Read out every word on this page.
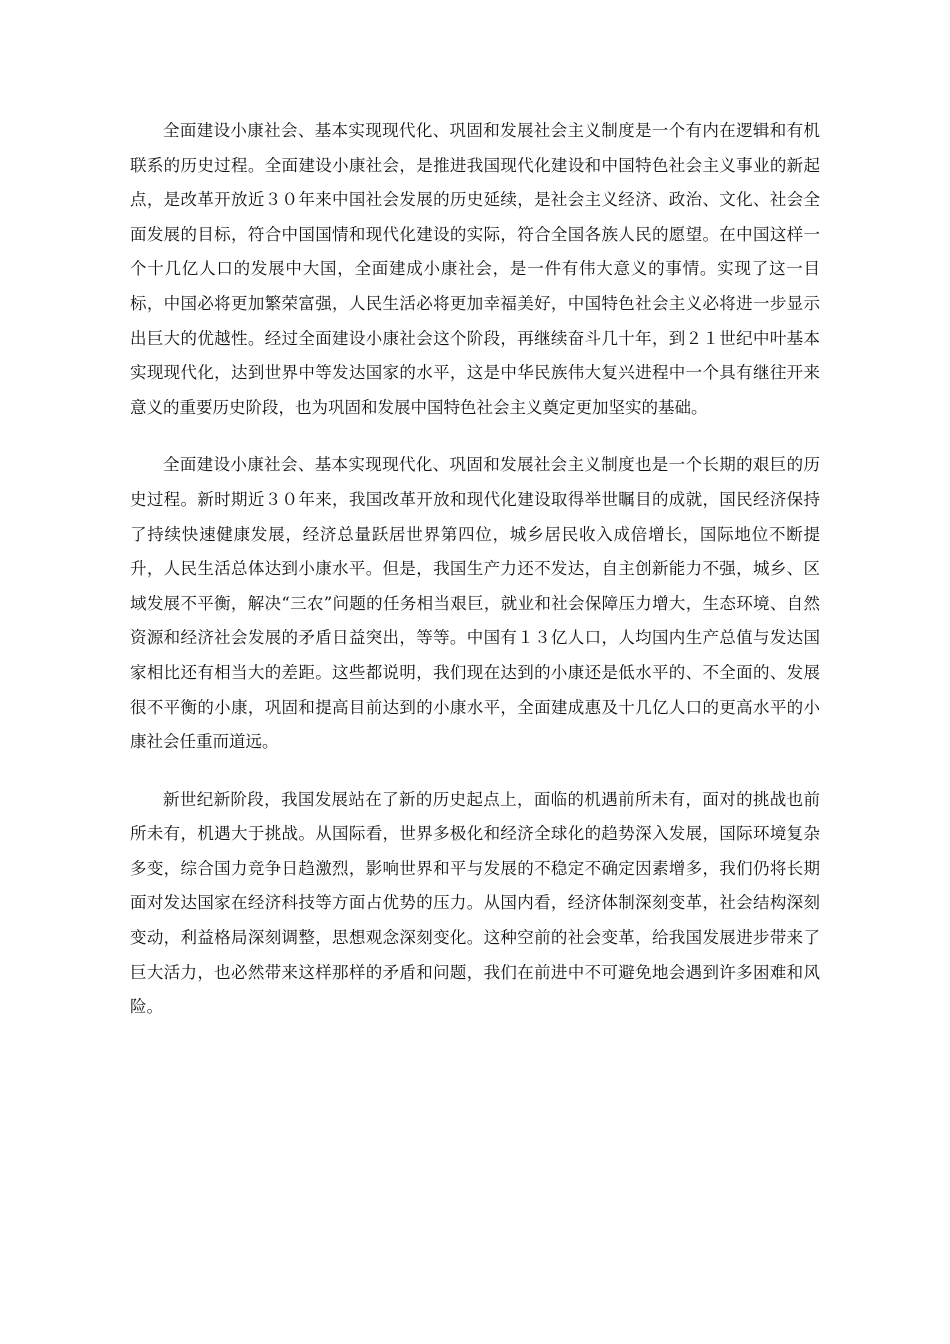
全面建设小康社会、基本实现现代化、巩固和发展社会主义制度是一个有内在逻辑和有机联系的历史过程。全面建设小康社会，是推进我国现代化建设和中国特色社会主义事业的新起点，是改革开放近３０年来中国社会发展的历史延续，是社会主义经济、政治、文化、社会全面发展的目标，符合中国国情和现代化建设的实际，符合全国各族人民的愿望。在中国这样一个十几亿人口的发展中大国，全面建成小康社会，是一件有伟大意义的事情。实现了这一目标，中国必将更加繁荣富强，人民生活必将更加幸福美好，中国特色社会主义必将进一步显示出巨大的优越性。经过全面建设小康社会这个阶段，再继续奋斗几十年，到２１世纪中叶基本实现现代化，达到世界中等发达国家的水平，这是中华民族伟大复兴进程中一个具有继往开来意义的重要历史阶段，也为巩固和发展中国特色社会主义奠定更加坚实的基础。

全面建设小康社会、基本实现现代化、巩固和发展社会主义制度也是一个长期的艰巨的历史过程。新时期近３０年来，我国改革开放和现代化建设取得举世瞩目的成就，国民经济保持了持续快速健康发展，经济总量跃居世界第四位，城乡居民收入成倍增长，国际地位不断提升，人民生活总体达到小康水平。但是，我国生产力还不发达，自主创新能力不强，城乡、区域发展不平衡，解决“三农”问题的任务相当艰巨，就业和社会保障压力增大，生态环境、自然资源和经济社会发展的矛盾日益突出，等等。中国有１３亿人口，人均国内生产总值与发达国家相比还有相当大的差距。这些都说明，我们现在达到的小康还是低水平的、不全面的、发展很不平衡的小康，巩固和提高目前达到的小康水平，全面建成惠及十几亿人口的更高水平的小康社会任重而道远。

新世纪新阶段，我国发展站在了新的历史起点上，面临的机遇前所未有，面对的挑战也前所未有，机遇大于挑战。从国际看，世界多极化和经济全球化的趋势深入发展，国际环境复杂多变，综合国力竞争日趋激烈，影响世界和平与发展的不稳定不确定因素增多，我们仍将长期面对发达国家在经济科技等方面占优势的压力。从国内看，经济体制深刻变革，社会结构深刻变动，利益格局深刻调整，思想观念深刻变化。这种空前的社会变革，给我国发展进步带来了巨大活力，也必然带来这样那样的矛盾和问题，我们在前进中不可避免地会遇到许多困难和风险。
